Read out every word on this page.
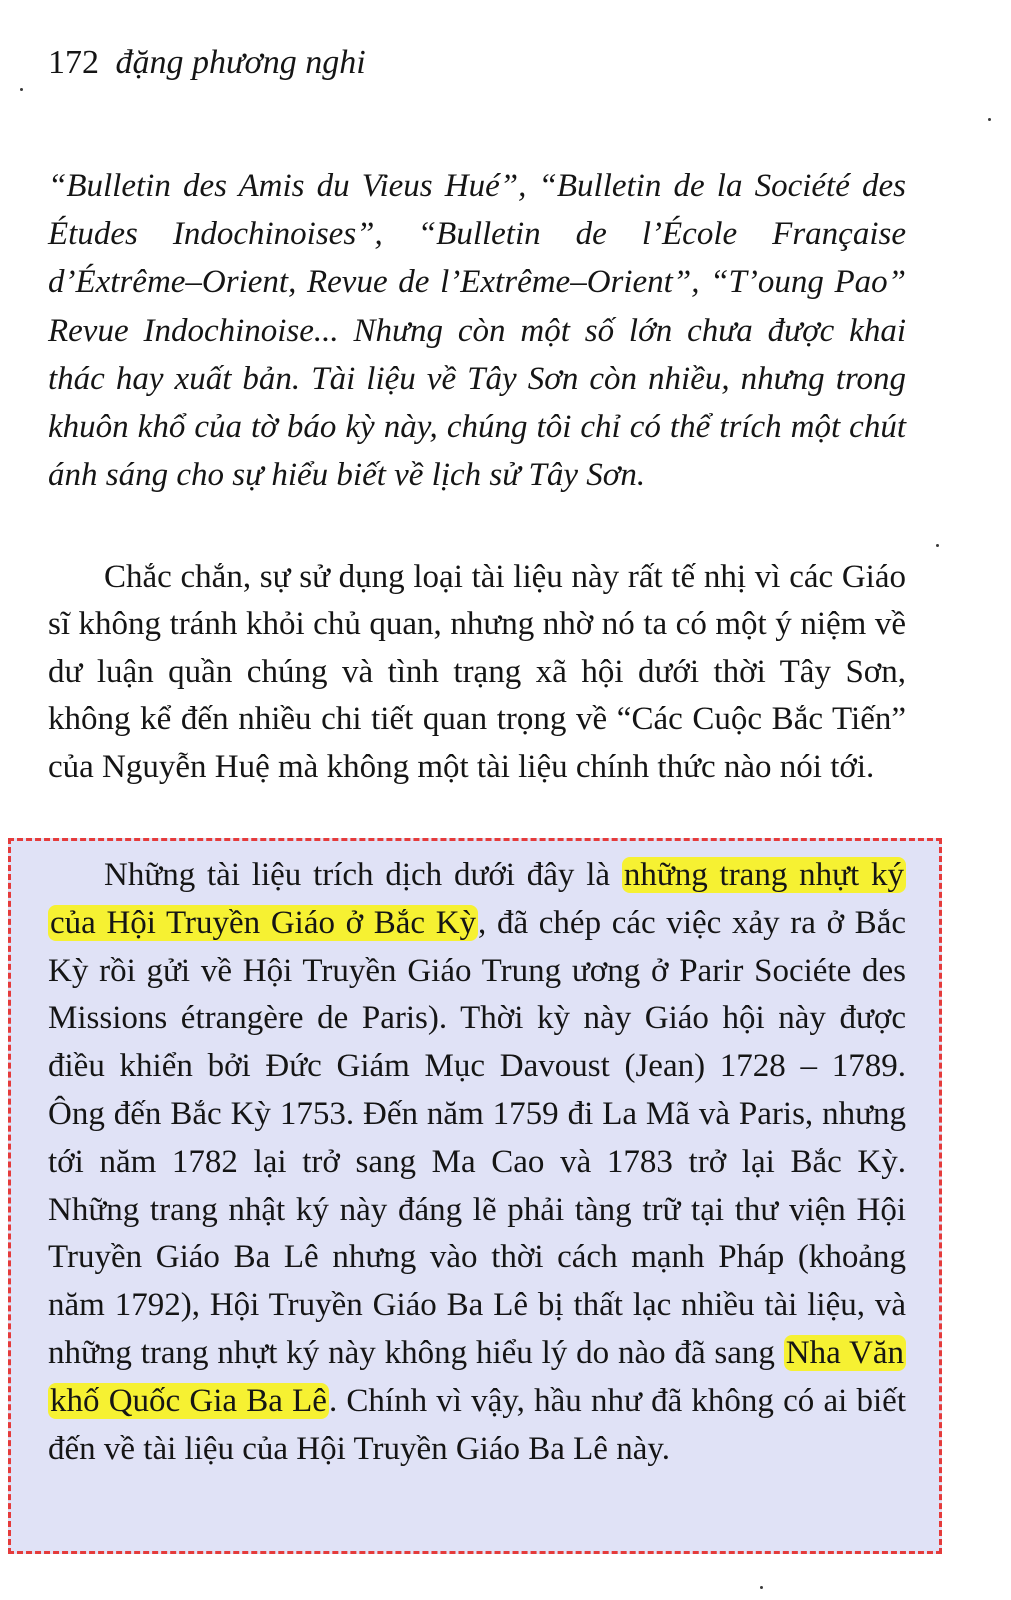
172 đặng phương nghi

“Bulletin des Amis du Vieus Hué”, “Bulletin de la Société des Études Indochinoises”, “Bulletin de l’École Française d’Éxtrême–Orient, Revue de l’Extrême–Orient”, “T’oung Pao” Revue Indochinoise... Nhưng còn một số lớn chưa được khai thác hay xuất bản. Tài liệu về Tây Sơn còn nhiều, nhưng trong khuôn khổ của tờ báo kỳ này, chúng tôi chỉ có thể trích một chút ánh sáng cho sự hiểu biết về lịch sử Tây Sơn.

Chắc chắn, sự sử dụng loại tài liệu này rất tế nhị vì các Giáo sĩ không tránh khỏi chủ quan, nhưng nhờ nó ta có một ý niệm về dư luận quần chúng và tình trạng xã hội dưới thời Tây Sơn, không kể đến nhiều chi tiết quan trọng về “Các Cuộc Bắc Tiến” của Nguyễn Huệ mà không một tài liệu chính thức nào nói tới.

Những tài liệu trích dịch dưới đây là những trang nhựt ký của Hội Truyền Giáo ở Bắc Kỳ, đã chép các việc xảy ra ở Bắc Kỳ rồi gửi về Hội Truyền Giáo Trung ương ở Parir Sociéte des Missions étrangère de Paris). Thời kỳ này Giáo hội này được điều khiển bởi Đức Giám Mục Davoust (Jean) 1728 – 1789. Ông đến Bắc Kỳ 1753. Đến năm 1759 đi La Mã và Paris, nhưng tới năm 1782 lại trở sang Ma Cao và 1783 trở lại Bắc Kỳ. Những trang nhật ký này đáng lẽ phải tàng trữ tại thư viện Hội Truyền Giáo Ba Lê nhưng vào thời cách mạnh Pháp (khoảng năm 1792), Hội Truyền Giáo Ba Lê bị thất lạc nhiều tài liệu, và những trang nhựt ký này không hiểu lý do nào đã sang Nha Văn khố Quốc Gia Ba Lê. Chính vì vậy, hầu như đã không có ai biết đến về tài liệu của Hội Truyền Giáo Ba Lê này.
